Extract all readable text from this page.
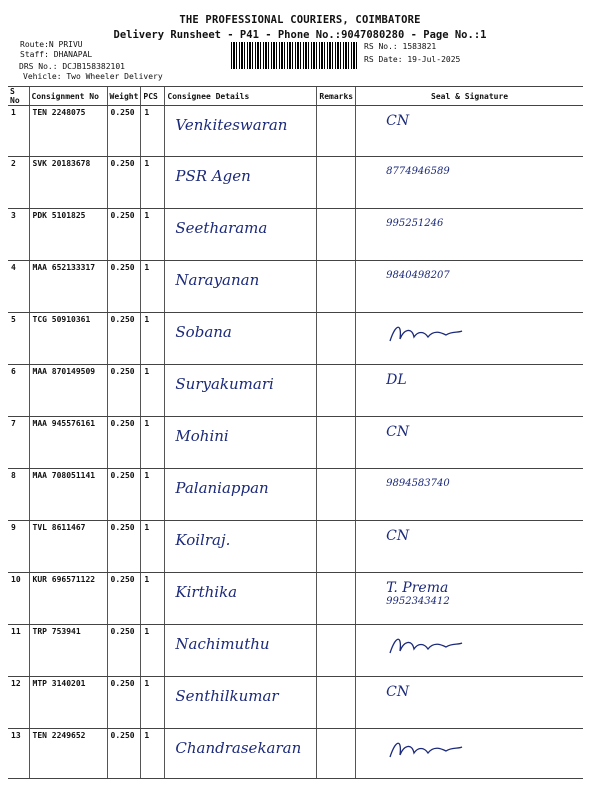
THE PROFESSIONAL COURIERS, COIMBATORE
Delivery Runsheet - P41 - Phone No.:9047080280 - Page No.:1
Route:N PRIVU
Staff: DHANAPAL
DRS No.: DCJB158382101
Vehicle: Two Wheeler Delivery
RS No.: 1583821
RS Date: 19-Jul-2025
S No	Consignment No	Weight	PCS	Consignee Details	Remarks	Seal & Signature
1	TEN 2248075	0.250	1	Venkiteswaran		CN

2	SVK 20183678	0.250	1	PSR Agen		8774946589

3	PDK 5101825	0.250	1	Seetharama		995251246

4	MAA 652133317	0.250	1	Narayanan		9840498207

5	TCG 50910361	0.250	1	Sobana		

6	MAA 870149509	0.250	1	Suryakumari		DL

7	MAA 945576161	0.250	1	Mohini		CN

8	MAA 708051141	0.250	1	Palaniappan		9894583740

9	TVL 8611467	0.250	1	Koilraj.		CN

10	KUR 696571122	0.250	1	Kirthika		T. Prema
9952343412

11	TRP 753941	0.250	1	Nachimuthu		

12	MTP 3140201	0.250	1	Senthilkumar		CN

13	TEN 2249652	0.250	1	Chandrasekaran		
